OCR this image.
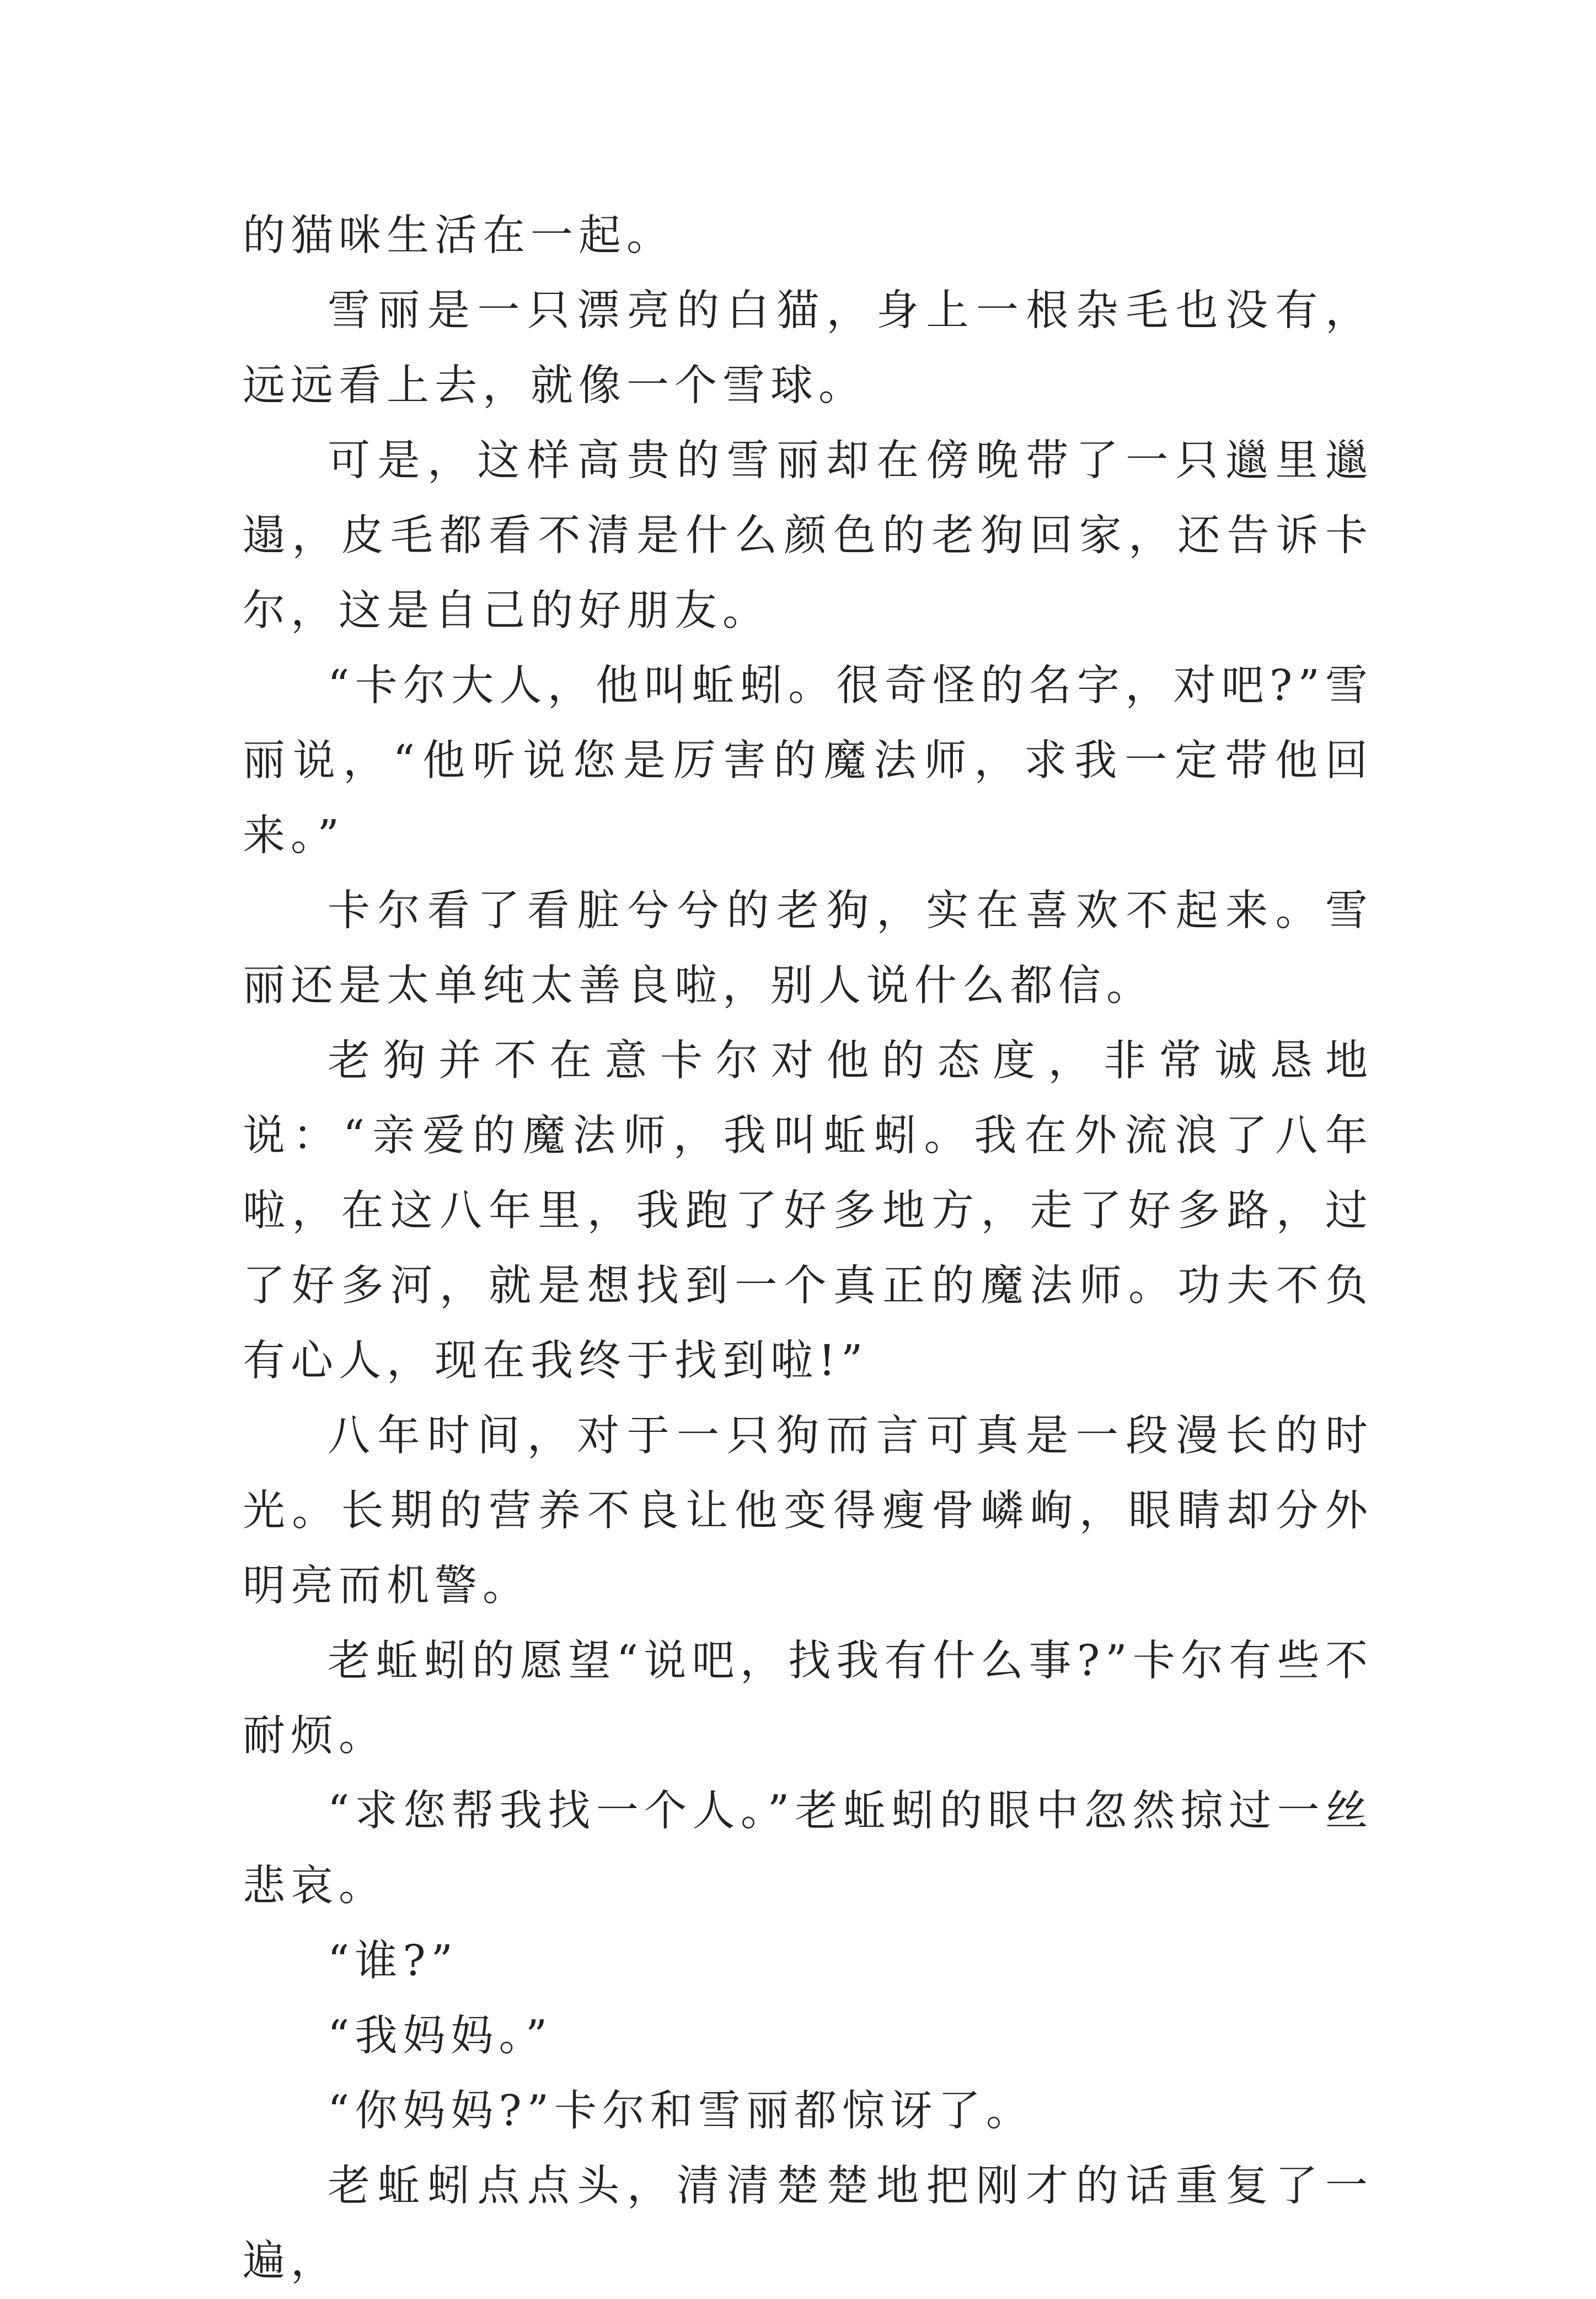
的猫咪生活在一起。

雪丽是一只漂亮的白猫，身上一根杂毛也没有，远远看上去，就像一个雪球。

可是，这样高贵的雪丽却在傍晚带了一只邋里邋遢，皮毛都看不清是什么颜色的老狗回家，还告诉卡尔，这是自己的好朋友。

“卡尔大人，他叫蚯蚓。很奇怪的名字，对吧?”雪丽说，“他听说您是厉害的魔法师，求我一定带他回来。”

卡尔看了看脏兮兮的老狗，实在喜欢不起来。雪丽还是太单纯太善良啦，别人说什么都信。

老狗并不在意卡尔对他的态度，非常诚恳地说：“亲爱的魔法师，我叫蚯蚓。我在外流浪了八年啦，在这八年里，我跑了好多地方，走了好多路，过了好多河，就是想找到一个真正的魔法师。功夫不负有心人，现在我终于找到啦!”

八年时间，对于一只狗而言可真是一段漫长的时光。长期的营养不良让他变得瘦骨嶙峋，眼睛却分外明亮而机警。

老蚯蚓的愿望“说吧，找我有什么事?”卡尔有些不耐烦。

“求您帮我找一个人。”老蚯蚓的眼中忽然掠过一丝悲哀。

“谁?”

“我妈妈。”

“你妈妈?”卡尔和雪丽都惊讶了。

老蚯蚓点点头，清清楚楚地把刚才的话重复了一遍，
